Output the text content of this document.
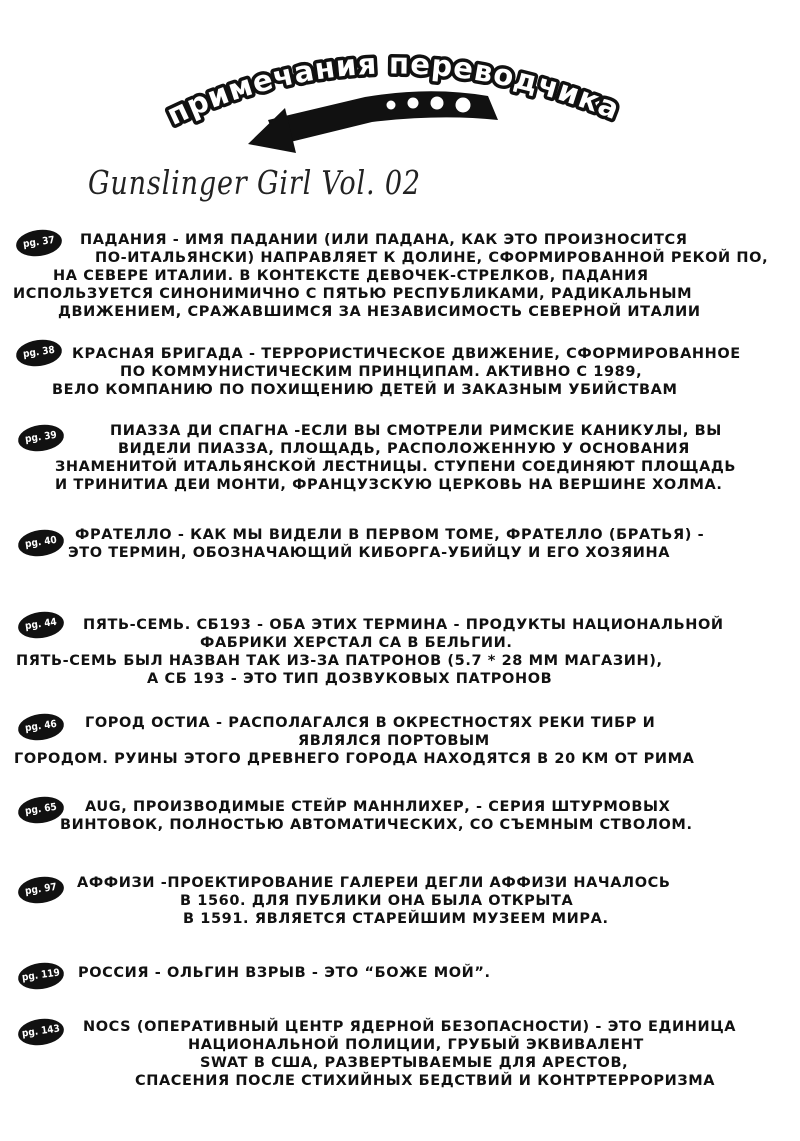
примечания переводчика
Gunslinger Girl Vol. 02
pg. 37	ПАДАНИЯ - ИМЯ ПАДАНИИ (ИЛИ ПАДАНА, КАК ЭТО ПРОИЗНОСИТСЯ
ПО-ИТАЛЬЯНСКИ) НАПРАВЛЯЕТ К ДОЛИНЕ, СФОРМИРОВАННОЙ РЕКОЙ ПО,
НА СЕВЕРЕ ИТАЛИИ. В КОНТЕКСТЕ ДЕВОЧЕК-СТРЕЛКОВ, ПАДАНИЯ
ИСПОЛЬЗУЕТСЯ СИНОНИМИЧНО С ПЯТЬЮ РЕСПУБЛИКАМИ, РАДИКАЛЬНЫМ
ДВИЖЕНИЕМ, СРАЖАВШИМСЯ ЗА НЕЗАВИСИМОСТЬ СЕВЕРНОЙ ИТАЛИИ
pg. 38	КРАСНАЯ БРИГАДА - ТЕРРОРИСТИЧЕСКОЕ ДВИЖЕНИЕ, СФОРМИРОВАННОЕ
ПО КОММУНИСТИЧЕСКИМ ПРИНЦИПАМ. АКТИВНО С 1989,
ВЕЛО КОМПАНИЮ ПО ПОХИЩЕНИЮ ДЕТЕЙ И ЗАКАЗНЫМ УБИЙСТВАМ
pg. 39	ПИАЗЗА ДИ СПАГНА -ЕСЛИ ВЫ СМОТРЕЛИ РИМСКИЕ КАНИКУЛЫ, ВЫ
ВИДЕЛИ ПИАЗЗА, ПЛОЩАДЬ, РАСПОЛОЖЕННУЮ У ОСНОВАНИЯ
ЗНАМЕНИТОЙ ИТАЛЬЯНСКОЙ ЛЕСТНИЦЫ. СТУПЕНИ СОЕДИНЯЮТ ПЛОЩАДЬ
И ТРИНИТИА ДЕИ МОНТИ, ФРАНЦУЗСКУЮ ЦЕРКОВЬ НА ВЕРШИНЕ ХОЛМА.
pg. 40	ФРАТЕЛЛО - КАК МЫ ВИДЕЛИ В ПЕРВОМ ТОМЕ, ФРАТЕЛЛО (БРАТЬЯ) -
ЭТО ТЕРМИН, ОБОЗНАЧАЮЩИЙ КИБОРГА-УБИЙЦУ И ЕГО ХОЗЯИНА
pg. 44	ПЯТЬ-СЕМЬ. CБ193 - ОБА ЭТИХ ТЕРМИНА - ПРОДУКТЫ НАЦИОНАЛЬНОЙ
ФАБРИКИ ХЕРСТАЛ СА В БЕЛЬГИИ.
ПЯТЬ-СЕМЬ БЫЛ НАЗВАН ТАК ИЗ-ЗА ПАТРОНОВ (5.7 * 28 ММ МАГАЗИН),
А СБ 193 - ЭТО ТИП ДОЗВУКОВЫХ ПАТРОНОВ
pg. 46	ГОРОД ОСТИА - РАСПОЛАГАЛСЯ В ОКРЕСТНОСТЯХ РЕКИ ТИБР И
ЯВЛЯЛСЯ ПОРТОВЫМ
ГОРОДОМ. РУИНЫ ЭТОГО ДРЕВНЕГО ГОРОДА НАХОДЯТСЯ В 20 КМ ОТ РИМА
pg. 65	AUG, ПРОИЗВОДИМЫЕ СТЕЙР МАННЛИХЕР, - СЕРИЯ ШТУРМОВЫХ
ВИНТОВОК, ПОЛНОСТЬЮ АВТОМАТИЧЕСКИХ, СО СЪЕМНЫМ СТВОЛОМ.
pg. 97	АФФИЗИ -ПРОЕКТИРОВАНИЕ ГАЛЕРЕИ ДЕГЛИ АФФИЗИ НАЧАЛОСЬ
В 1560. ДЛЯ ПУБЛИКИ ОНА БЫЛА ОТКРЫТА
В 1591. ЯВЛЯЕТСЯ СТАРЕЙШИМ МУЗЕЕМ МИРА.
pg. 119	РОССИЯ - ОЛЬГИН ВЗРЫВ - ЭТО “БОЖЕ МОЙ”.
pg. 143	NOCS (ОПЕРАТИВНЫЙ ЦЕНТР ЯДЕРНОЙ БЕЗОПАСНОСТИ) - ЭТО ЕДИНИЦА
НАЦИОНАЛЬНОЙ ПОЛИЦИИ, ГРУБЫЙ ЭКВИВАЛЕНТ
SWAT В США, РАЗВЕРТЫВАЕМЫЕ ДЛЯ АРЕСТОВ,
СПАСЕНИЯ ПОСЛЕ СТИХИЙНЫХ БЕДСТВИЙ И КОНТРТЕРРОРИЗМА
